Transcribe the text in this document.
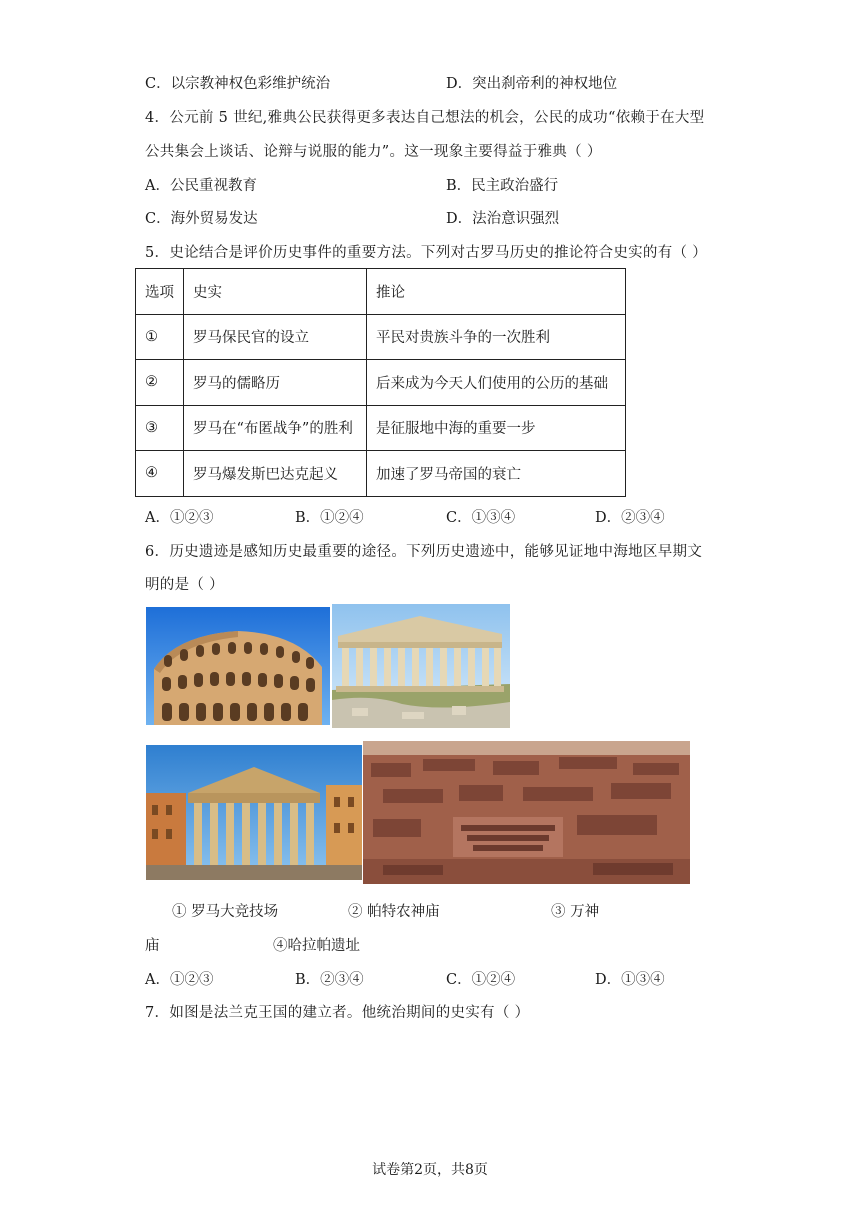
C．以宗教神权色彩维护统治	D．突出刹帝利的神权地位
4．公元前 5 世纪,雅典公民获得更多表达自己想法的机会，公民的成功“依赖于在大型
公共集会上谈话、论辩与说服的能力”。这一现象主要得益于雅典（ ）
A．公民重视教育	B．民主政治盛行
C．海外贸易发达	D．法治意识强烈
5．史论结合是评价历史事件的重要方法。下列对古罗马历史的推论符合史实的有（ ）
选项	史实	推论
①	罗马保民官的设立	平民对贵族斗争的一次胜利
②	罗马的儒略历	后来成为今天人们使用的公历的基础
③	罗马在“布匿战争”的胜利	是征服地中海的重要一步
④	罗马爆发斯巴达克起义	加速了罗马帝国的衰亡
A．①②③	B．①②④	C．①③④	D．②③④
6．历史遗迹是感知历史最重要的途径。下列历史遗迹中，能够见证地中海地区早期文
明的是（ ）
① 罗马大竞技场	② 帕特农神庙	③ 万神
庙	④哈拉帕遗址
A．①②③	B．②③④	C．①②④	D．①③④
7．如图是法兰克王国的建立者。他统治期间的史实有（ ）
试卷第2页，共8页
